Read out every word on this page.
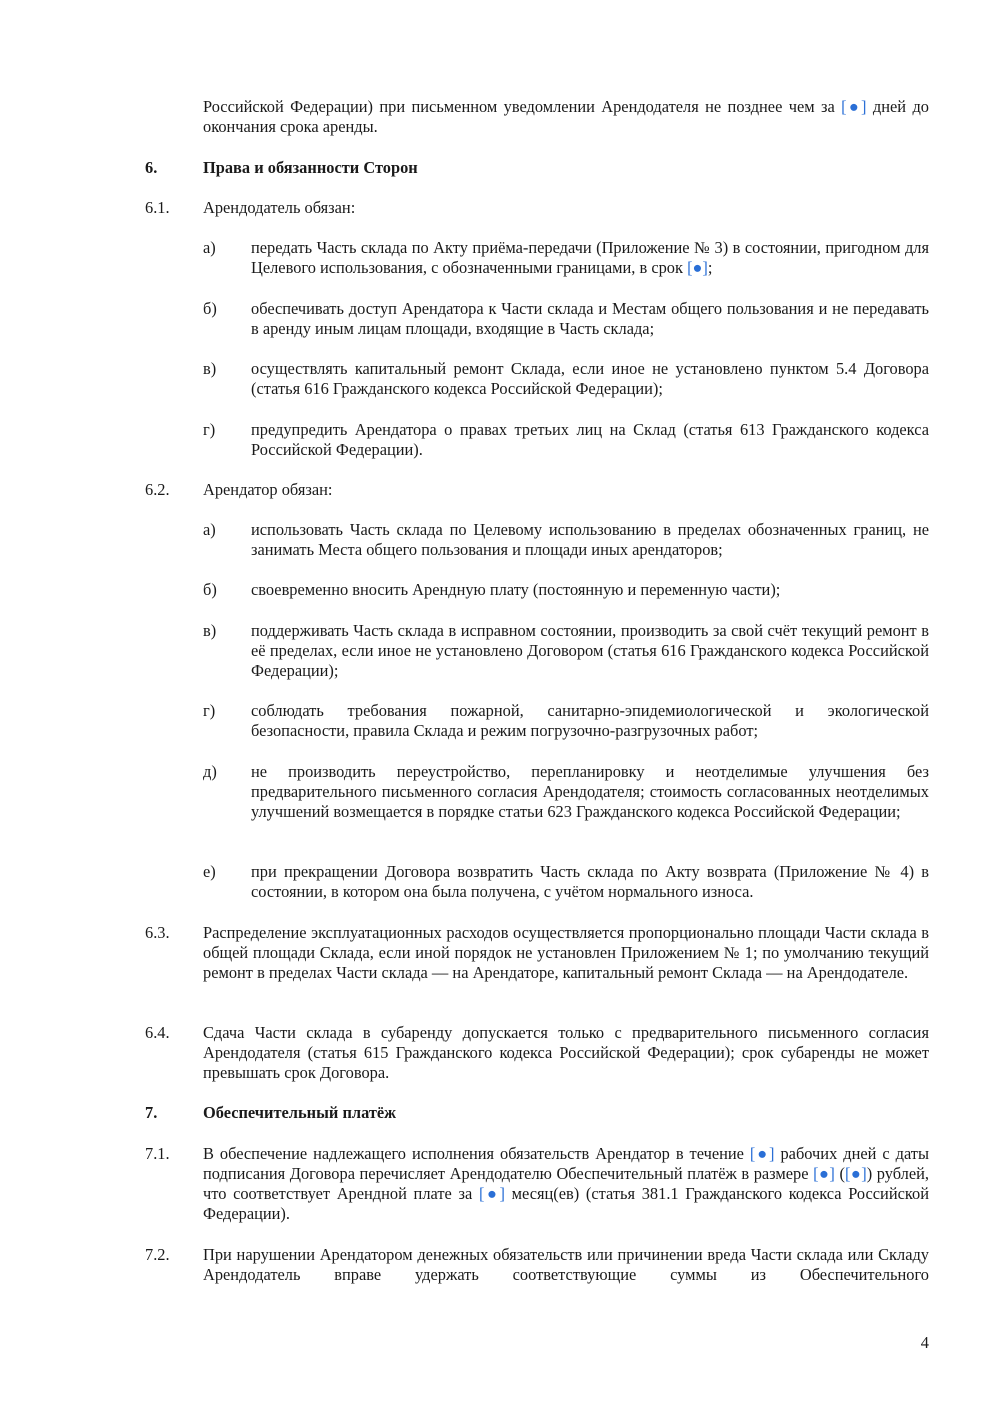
Российской Федерации) при письменном уведомлении Арендодателя не позднее чем за [●] дней до окончания срока аренды.
6.	Права и обязанности Сторон
6.1. Арендодатель обязан:
а) передать Часть склада по Акту приёма-передачи (Приложение № 3) в состоянии, пригодном для Целевого использования, с обозначенными границами, в срок [●];
б) обеспечивать доступ Арендатора к Части склада и Местам общего пользования и не передавать в аренду иным лицам площади, входящие в Часть склада;
в) осуществлять капитальный ремонт Склада, если иное не установлено пунктом 5.4 Договора (статья 616 Гражданского кодекса Российской Федерации);
г) предупредить Арендатора о правах третьих лиц на Склад (статья 613 Гражданского кодекса Российской Федерации).
6.2. Арендатор обязан:
а) использовать Часть склада по Целевому использованию в пределах обозначенных границ, не занимать Места общего пользования и площади иных арендаторов;
б) своевременно вносить Арендную плату (постоянную и переменную части);
в) поддерживать Часть склада в исправном состоянии, производить за свой счёт текущий ремонт в её пределах, если иное не установлено Договором (статья 616 Гражданского кодекса Российской Федерации);
г) соблюдать требования пожарной, санитарно-эпидемиологической и экологической безопасности, правила Склада и режим погрузочно-разгрузочных работ;
д) не производить переустройство, перепланировку и неотделимые улучшения без предварительного письменного согласия Арендодателя; стоимость согласованных неотделимых улучшений возмещается в порядке статьи 623 Гражданского кодекса Российской Федерации;
е) при прекращении Договора возвратить Часть склада по Акту возврата (Приложение № 4) в состоянии, в котором она была получена, с учётом нормального износа.
6.3. Распределение эксплуатационных расходов осуществляется пропорционально площади Части склада в общей площади Склада, если иной порядок не установлен Приложением № 1; по умолчанию текущий ремонт в пределах Части склада — на Арендаторе, капитальный ремонт Склада — на Арендодателе.
6.4. Сдача Части склада в субаренду допускается только с предварительного письменного согласия Арендодателя (статья 615 Гражданского кодекса Российской Федерации); срок субаренды не может превышать срок Договора.
7.	Обеспечительный платёж
7.1. В обеспечение надлежащего исполнения обязательств Арендатор в течение [●] рабочих дней с даты подписания Договора перечисляет Арендодателю Обеспечительный платёж в размере [●] ([●]) рублей, что соответствует Арендной плате за [●] месяц(ев) (статья 381.1 Гражданского кодекса Российской Федерации).
7.2. При нарушении Арендатором денежных обязательств или причинении вреда Части склада или Складу Арендодатель вправе удержать соответствующие суммы из Обеспечительного
4
